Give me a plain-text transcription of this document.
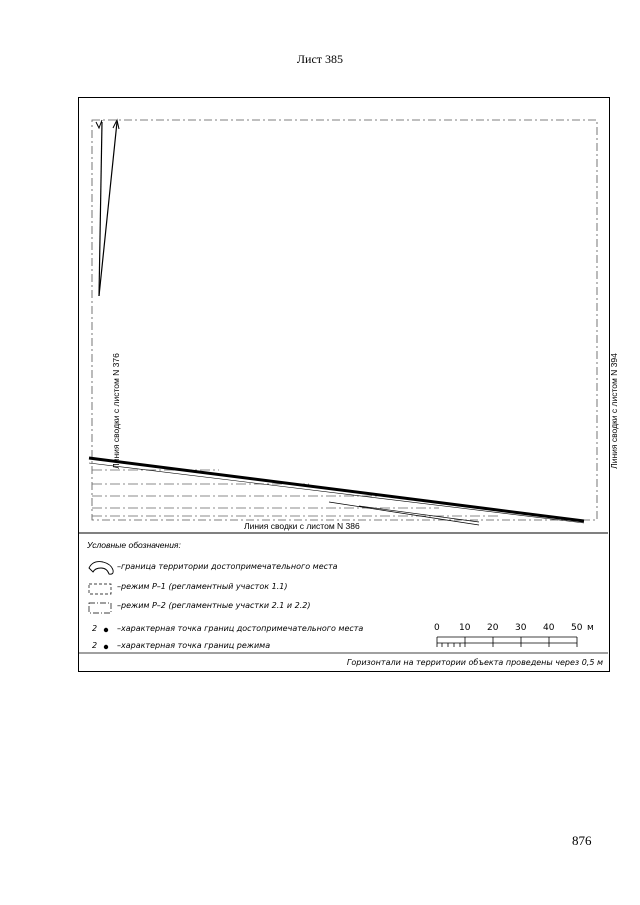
Лист 385
Линия сводки с листом N 376	Линия сводки с листом N 394
Линия сводки с листом N 386
Условные обозначения:
–граница территории достопримечательного места
–режим Р–1 (регламентный участок 1.1)
–режим Р–2 (регламентные участки 2.1 и 2.2)
2 –характерная точка границ достопримечательного места
2 –характерная точка границ режима
0 10 20 30 40 50 м
Горизонтали на территории объекта проведены через 0,5 м
876
